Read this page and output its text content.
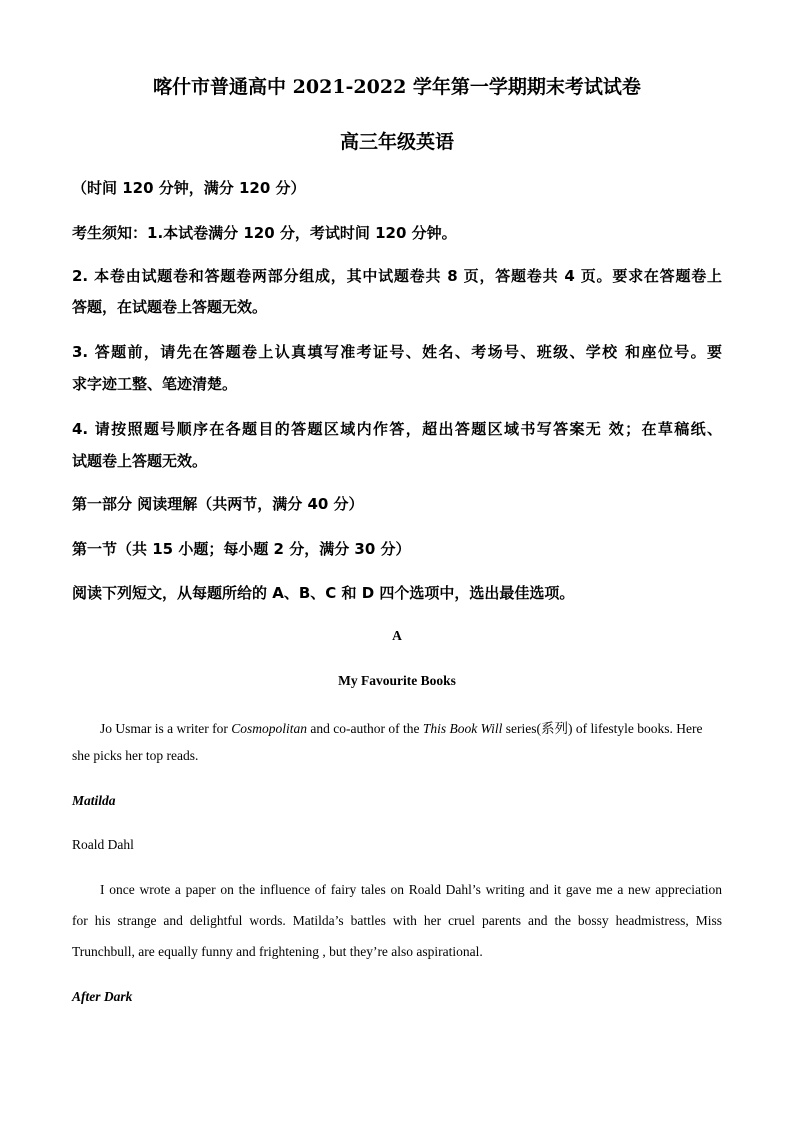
喀什市普通高中 2021-2022 学年第一学期期末考试试卷
高三年级英语
（时间 120 分钟，满分 120 分）
考生须知：1.本试卷满分 120 分，考试时间 120 分钟。
2. 本卷由试题卷和答题卷两部分组成，其中试题卷共 8 页，答题卷共 4 页。要求在答题卷上
答题，在试题卷上答题无效。
3. 答题前，请先在答题卷上认真填写准考证号、姓名、考场号、班级、学校 和座位号。要
求字迹工整、笔迹清楚。
4. 请按照题号顺序在各题目的答题区域内作答，超出答题区域书写答案无 效；在草稿纸、
试题卷上答题无效。
第一部分 阅读理解（共两节，满分 40 分）
第一节（共 15 小题；每小题 2 分，满分 30 分）
阅读下列短文，从每题所给的 A、B、C 和 D 四个选项中，选出最佳选项。
A
My Favourite Books
Jo Usmar is a writer for Cosmopolitan and co-author of the This Book Will series(系列) of lifestyle books. Here
she picks her top reads.
Matilda
Roald Dahl
I once wrote a paper on the influence of fairy tales on Roald Dahl’s writing and it gave me a new appreciation
for his strange and delightful words. Matilda’s battles with her cruel parents and the bossy headmistress, Miss
Trunchbull, are equally funny and frightening , but they’re also aspirational.
After Dark
